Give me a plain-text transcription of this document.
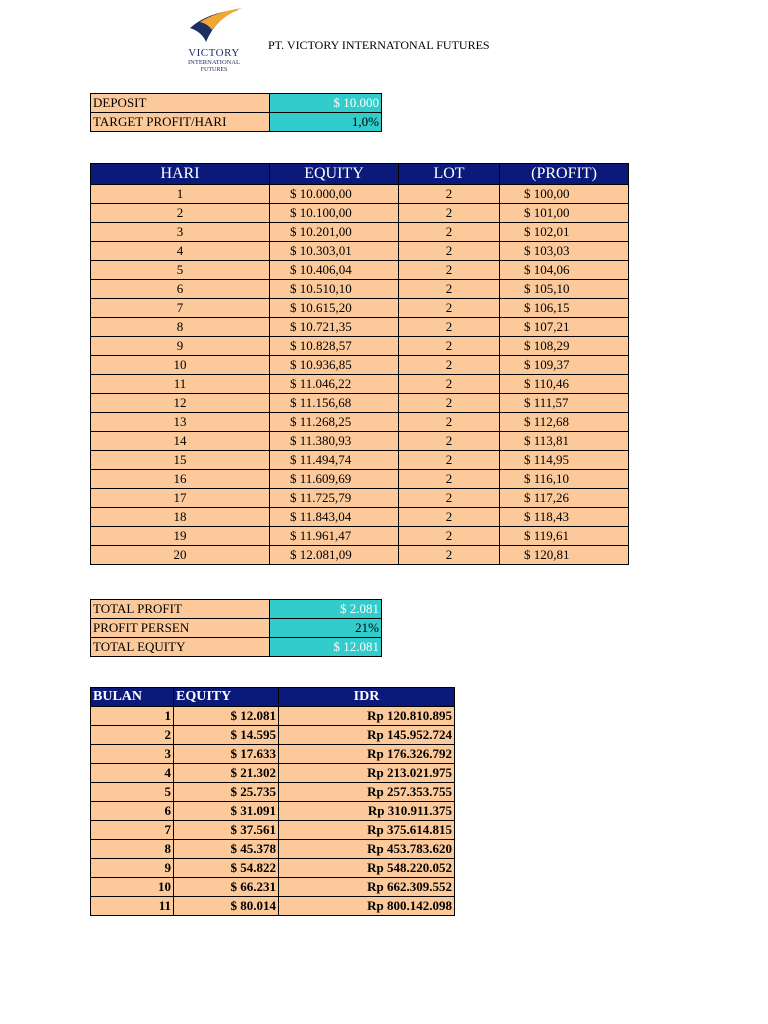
VICTORY
INTERNATIONAL
FUTURES
PT. VICTORY INTERNATONAL FUTURES
DEPOSIT	$ 10.000
TARGET PROFIT/HARI	1,0%
HARI	EQUITY	LOT	(PROFIT)
1	$ 10.000,00	2	$ 100,00
2	$ 10.100,00	2	$ 101,00
3	$ 10.201,00	2	$ 102,01
4	$ 10.303,01	2	$ 103,03
5	$ 10.406,04	2	$ 104,06
6	$ 10.510,10	2	$ 105,10
7	$ 10.615,20	2	$ 106,15
8	$ 10.721,35	2	$ 107,21
9	$ 10.828,57	2	$ 108,29
10	$ 10.936,85	2	$ 109,37
11	$ 11.046,22	2	$ 110,46
12	$ 11.156,68	2	$ 111,57
13	$ 11.268,25	2	$ 112,68
14	$ 11.380,93	2	$ 113,81
15	$ 11.494,74	2	$ 114,95
16	$ 11.609,69	2	$ 116,10
17	$ 11.725,79	2	$ 117,26
18	$ 11.843,04	2	$ 118,43
19	$ 11.961,47	2	$ 119,61
20	$ 12.081,09	2	$ 120,81
TOTAL PROFIT	$ 2.081
PROFIT PERSEN	21%
TOTAL EQUITY	$ 12.081
BULAN	EQUITY	IDR
1	$ 12.081	Rp 120.810.895
2	$ 14.595	Rp 145.952.724
3	$ 17.633	Rp 176.326.792
4	$ 21.302	Rp 213.021.975
5	$ 25.735	Rp 257.353.755
6	$ 31.091	Rp 310.911.375
7	$ 37.561	Rp 375.614.815
8	$ 45.378	Rp 453.783.620
9	$ 54.822	Rp 548.220.052
10	$ 66.231	Rp 662.309.552
11	$ 80.014	Rp 800.142.098
